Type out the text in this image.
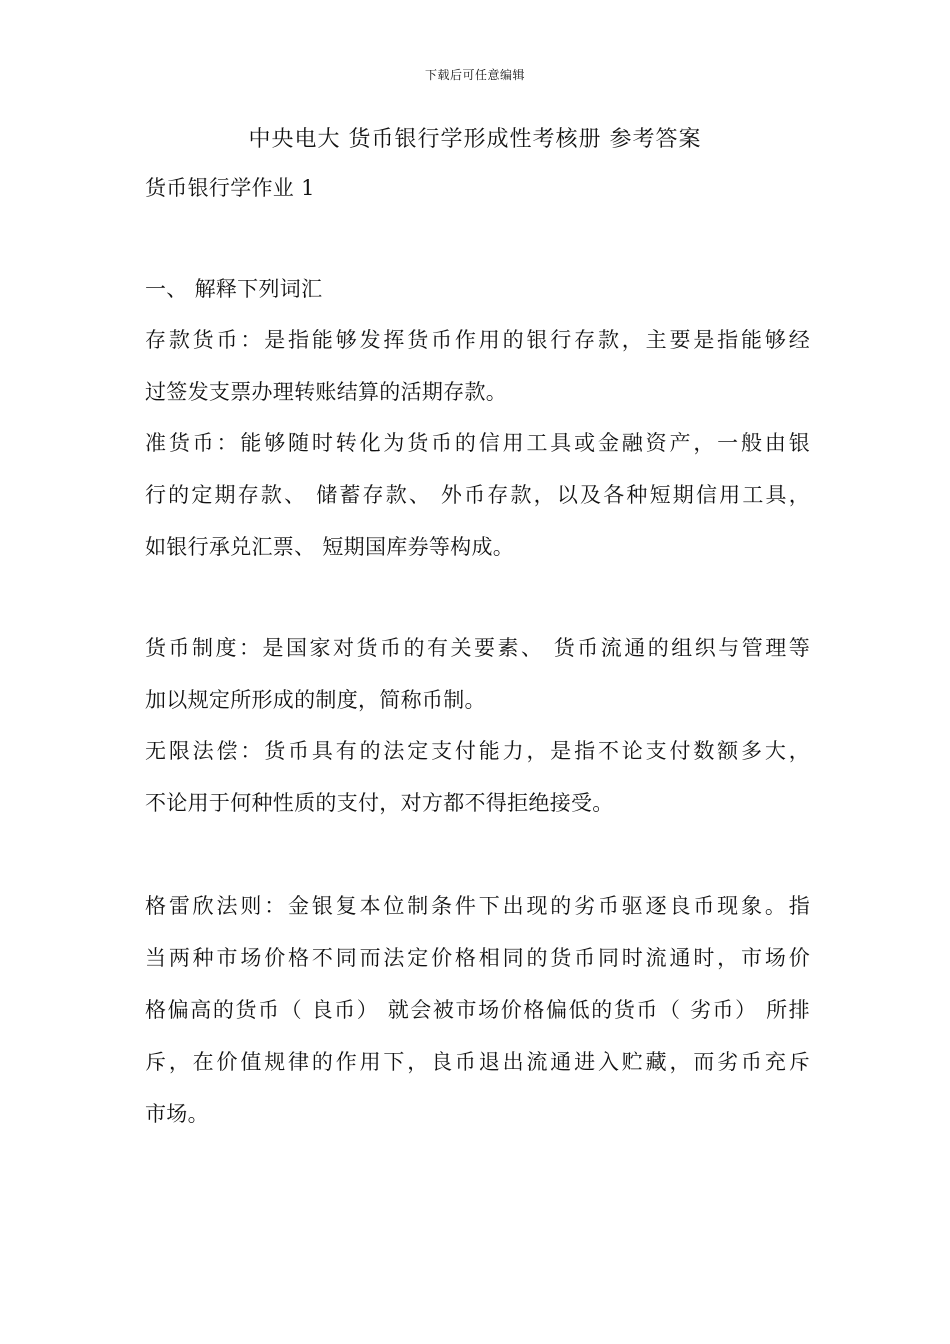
下载后可任意编辑
中央电大 货币银行学形成性考核册 参考答案
货币银行学作业 1
一、 解释下列词汇
存款货币：是指能够发挥货币作用的银行存款，主要是指能够经
过签发支票办理转账结算的活期存款。
准货币：能够随时转化为货币的信用工具或金融资产，一般由银
行的定期存款、 储蓄存款、 外币存款，以及各种短期信用工具，
如银行承兑汇票、 短期国库券等构成。
货币制度：是国家对货币的有关要素、 货币流通的组织与管理等
加以规定所形成的制度，简称币制。
无限法偿：货币具有的法定支付能力，是指不论支付数额多大，
不论用于何种性质的支付，对方都不得拒绝接受。
格雷欣法则：金银复本位制条件下出现的劣币驱逐良币现象。指
当两种市场价格不同而法定价格相同的货币同时流通时，市场价
格偏高的货币（ 良币） 就会被市场价格偏低的货币（ 劣币） 所排
斥，在价值规律的作用下，良币退出流通进入贮藏，而劣币充斥
市场。
